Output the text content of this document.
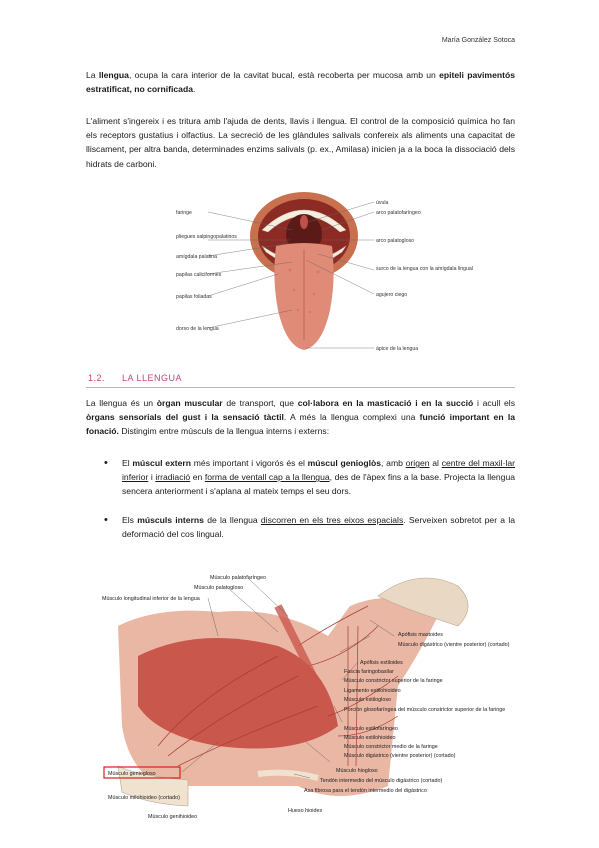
María González Sotoca

La llengua, ocupa la cara interior de la cavitat bucal, està recoberta per mucosa amb un epiteli pavimentós estratificat, no cornificada.

L'aliment s'ingereix i es tritura amb l'ajuda de dents, llavis i llengua. El control de la composició química ho fan els receptors gustatius i olfactius. La secreció de les glàndules salivals confereix als aliments una capacitat de lliscament, per altra banda, determinades enzims salivals (p. ex., Amilasa) inicien ja a la boca la dissociació dels hidrats de carboni.

faringe
pliegues salpingopalatinos
amígdala palatina
papilas caliciformes
papilas foliadas
dorso de la lengua
úvula
arco palatofaríngeo
arco palatogloso
surco de la lengua con la amígdala lingual
agujero ciego
ápice de la lengua
1.2. LA LLENGUA

La llengua és un òrgan muscular de transport, que col·labora en la masticació i en la succió i acull els òrgans sensorials del gust i la sensació tàctil. A més la llengua complexi una funció important en la fonació. Distingim entre músculs de la llengua interns i externs:

• El múscul extern més important i vigorós és el múscul genioglòs, amb origen al centre del maxil·lar inferior i irradiació en forma de ventall cap a la llengua, des de l'àpex fins a la base. Projecta la llengua sencera anteriorment i s'aplana al mateix temps el seu dors.

• Els músculs interns de la llengua discorren en els tres eixos espacials. Serveixen sobretot per a la deformació del cos lingual.

Músculo palatofaríngeo
Músculo palatogloso
Músculo longitudinal inferior de la lengua
Apófisis mastoides
Músculo digástrico (vientre posterior) (cortado)
Apófisis estiloides
Fascia faringobasilar
Músculo constrictor superior de la faringe
Ligamento estilohioideo
Músculo estilogloso
Porción glosofaríngea del músculo constrictor superior de la faringe
Músculo estilofaríngeo
Músculo estilohioideo
Músculo constrictor medio de la faringe
Músculo digástrico (vientre posterior) (cortado)
Músculo hiogloso
Tendón intermedio del músculo digástrico (cortado)
Asa fibrosa para el tendón intermedio del digástrico
Músculo geniogloso
Músculo milohioideo (cortado)
Músculo genihioideo
Hueso hioides
